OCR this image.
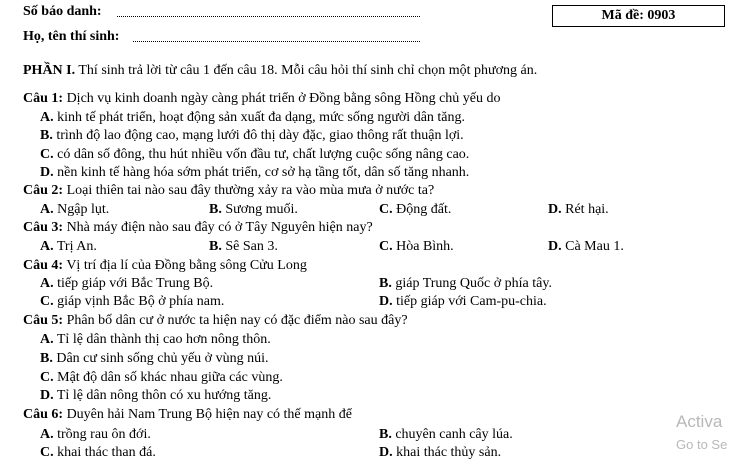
Số báo danh:	Mã đề: 0903
Họ, tên thí sinh:
PHẦN I. Thí sinh trả lời từ câu 1 đến câu 18. Mỗi câu hỏi thí sinh chỉ chọn một phương án.
Câu 1: Dịch vụ kinh doanh ngày càng phát triển ở Đồng bằng sông Hồng chủ yếu do
A. kinh tế phát triển, hoạt động sản xuất đa dạng, mức sống người dân tăng.
B. trình độ lao động cao, mạng lưới đô thị dày đặc, giao thông rất thuận lợi.
C. có dân số đông, thu hút nhiều vốn đầu tư, chất lượng cuộc sống nâng cao.
D. nền kinh tế hàng hóa sớm phát triển, cơ sở hạ tầng tốt, dân số tăng nhanh.
Câu 2: Loại thiên tai nào sau đây thường xảy ra vào mùa mưa ở nước ta?
A. Ngập lụt.	B. Sương muối.	C. Động đất.	D. Rét hại.
Câu 3: Nhà máy điện nào sau đây có ở Tây Nguyên hiện nay?
A. Trị An.	B. Sê San 3.	C. Hòa Bình.	D. Cà Mau 1.
Câu 4: Vị trí địa lí của Đồng bằng sông Cửu Long
A. tiếp giáp với Bắc Trung Bộ.	B. giáp Trung Quốc ở phía tây.
C. giáp vịnh Bắc Bộ ở phía nam.	D. tiếp giáp với Cam-pu-chia.
Câu 5: Phân bố dân cư ở nước ta hiện nay có đặc điểm nào sau đây?
A. Tỉ lệ dân thành thị cao hơn nông thôn.
B. Dân cư sinh sống chủ yếu ở vùng núi.
C. Mật độ dân số khác nhau giữa các vùng.
D. Tỉ lệ dân nông thôn có xu hướng tăng.
Câu 6: Duyên hải Nam Trung Bộ hiện nay có thế mạnh để
A. trồng rau ôn đới.	B. chuyên canh cây lúa.
C. khai thác than đá.	D. khai thác thủy sản.
Activa
Go to Se
